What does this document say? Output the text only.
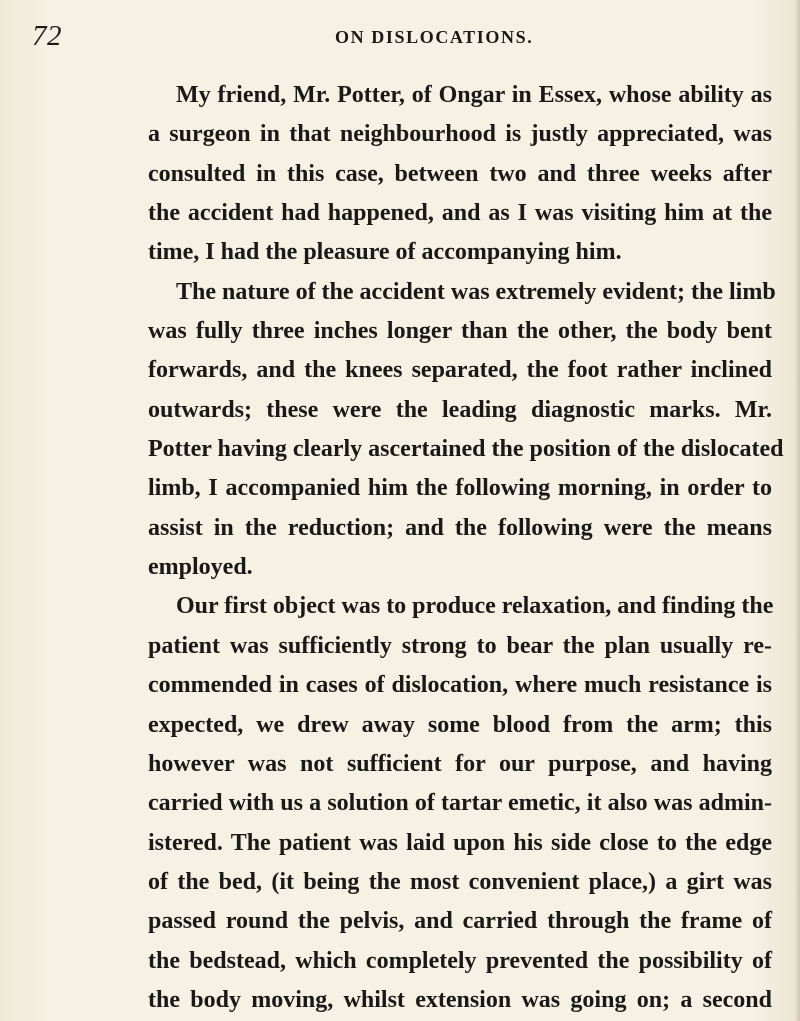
72	ON DISLOCATIONS.
My friend, Mr. Potter, of Ongar in Essex, whose ability as
a surgeon in that neighbourhood is justly appreciated, was
consulted in this case, between two and three weeks after
the accident had happened, and as I was visiting him at the
time, I had the pleasure of accompanying him.
The nature of the accident was extremely evident; the limb
was fully three inches longer than the other, the body bent
forwards, and the knees separated, the foot rather inclined
outwards; these were the leading diagnostic marks. Mr.
Potter having clearly ascertained the position of the dislocated
limb, I accompanied him the following morning, in order to
assist in the reduction; and the following were the means
employed.
Our first object was to produce relaxation, and finding the
patient was sufficiently strong to bear the plan usually re-
commended in cases of dislocation, where much resistance is
expected, we drew away some blood from the arm; this
however was not sufficient for our purpose, and having
carried with us a solution of tartar emetic, it also was admin-
istered. The patient was laid upon his side close to the edge
of the bed, (it being the most convenient place,) a girt was
passed round the pelvis, and carried through the frame of
the bedstead, which completely prevented the possibility of
the body moving, whilst extension was going on; a second
